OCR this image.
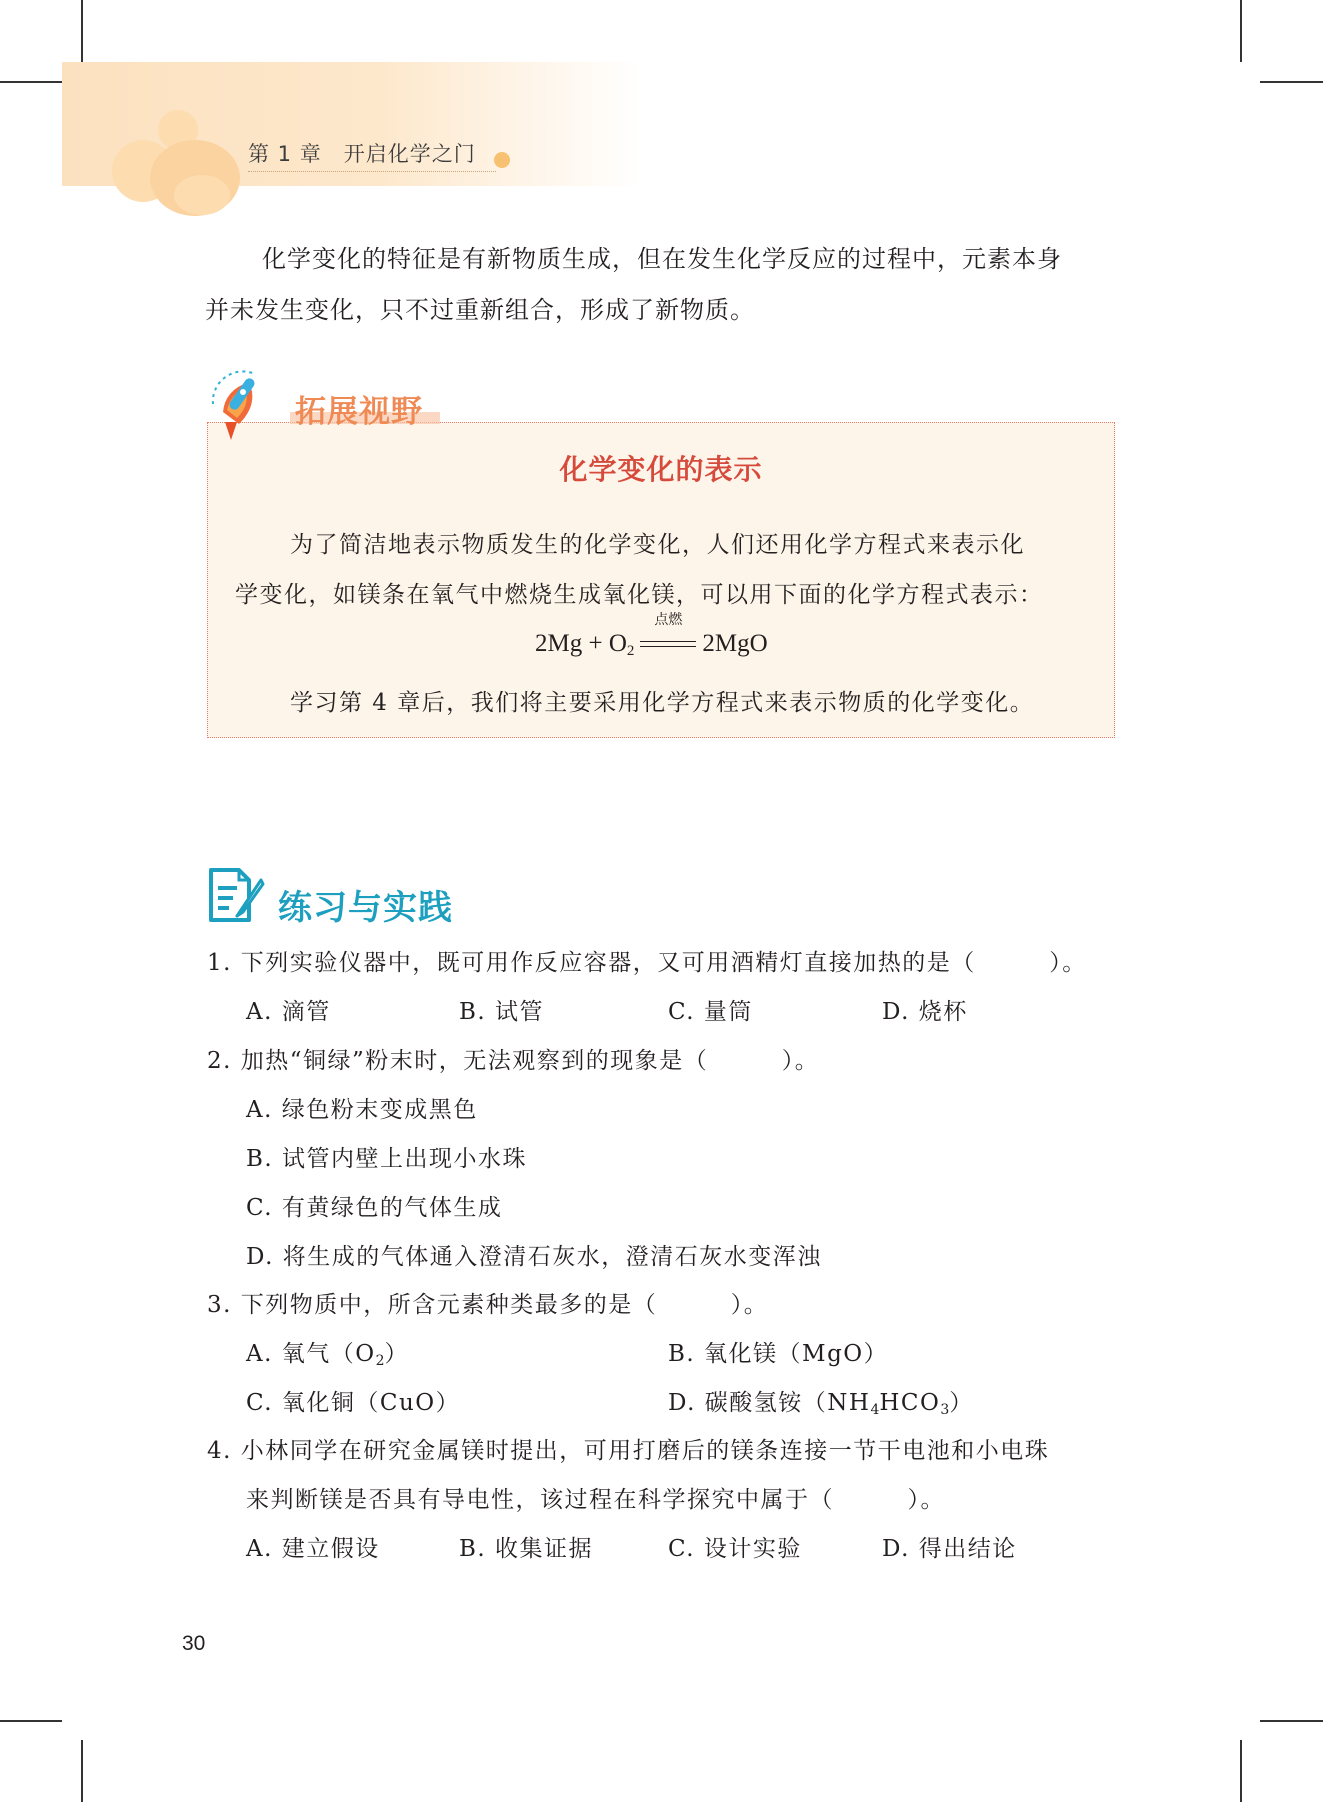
第 1 章　开启化学之门
化学变化的特征是有新物质生成，但在发生化学反应的过程中，元素本身
并未发生变化，只不过重新组合，形成了新物质。
拓展视野
化学变化的表示
为了简洁地表示物质发生的化学变化，人们还用化学方程式来表示化
学变化，如镁条在氧气中燃烧生成氧化镁，可以用下面的化学方程式表示：
$2Mg + O_2$
点燃
2MgO
学习第 4 章后，我们将主要采用化学方程式来表示物质的化学变化。
练习与实践
1. 下列实验仪器中，既可用作反应容器，又可用酒精灯直接加热的是（　　　）。
A. 滴管	B. 试管	C. 量筒	D. 烧杯
2. 加热“铜绿”粉末时，无法观察到的现象是（　　　）。
A. 绿色粉末变成黑色
B. 试管内壁上出现小水珠
C. 有黄绿色的气体生成
D. 将生成的气体通入澄清石灰水，澄清石灰水变浑浊
3. 下列物质中，所含元素种类最多的是（　　　）。
A. 氧气$(O_2)$	B. 氧化镁（MgO）
C. 氧化铜（CuO）	D. 碳酸氢铵$(NH_4HCO_3)$
4. 小林同学在研究金属镁时提出，可用打磨后的镁条连接一节干电池和小电珠
来判断镁是否具有导电性，该过程在科学探究中属于（　　　）。
A. 建立假设	B. 收集证据	C. 设计实验	D. 得出结论
30
